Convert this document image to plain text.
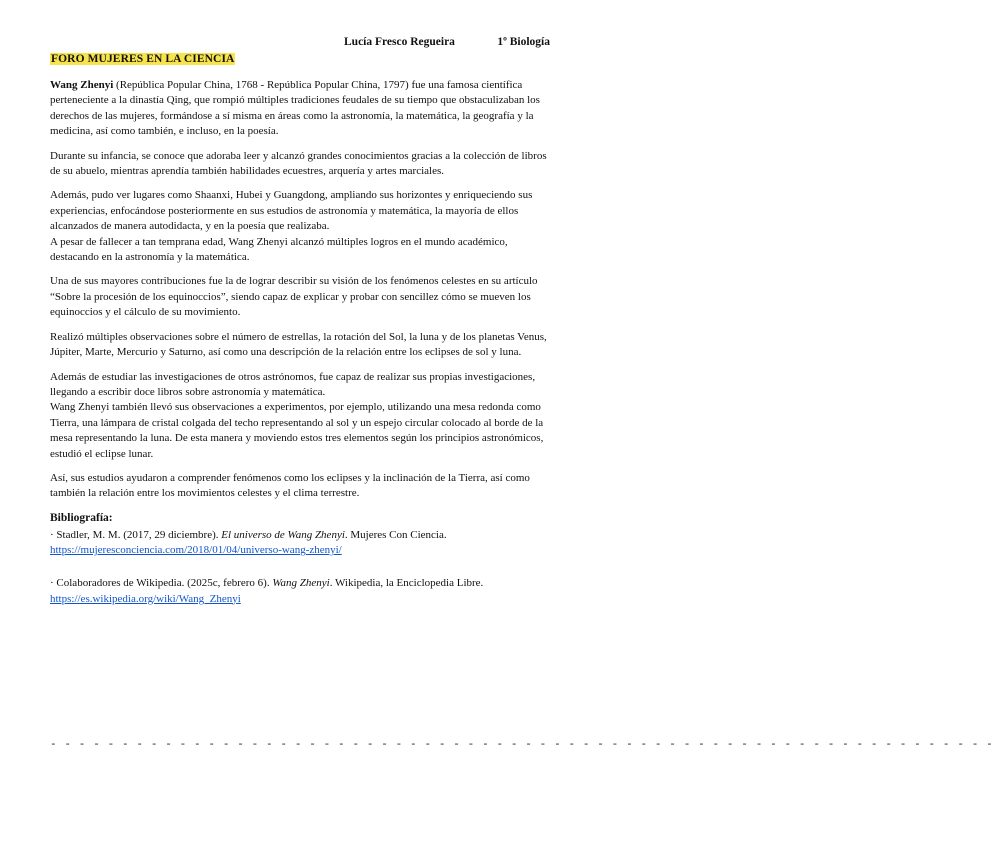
Lucía Fresco Regueira	1º Biología
FORO MUJERES EN LA CIENCIA

Wang Zhenyi (República Popular China, 1768 - República Popular China, 1797) fue una famosa científica perteneciente a la dinastía Qing, que rompió múltiples tradiciones feudales de su tiempo que obstaculizaban los derechos de las mujeres, formándose a sí misma en áreas como la astronomía, la matemática, la geografía y la medicina, así como también, e incluso, en la poesía.

Durante su infancia, se conoce que adoraba leer y alcanzó grandes conocimientos gracias a la colección de libros de su abuelo, mientras aprendía también habilidades ecuestres, arquería y artes marciales.

Además, pudo ver lugares como Shaanxi, Hubei y Guangdong, ampliando sus horizontes y enriqueciendo sus experiencias, enfocándose posteriormente en sus estudios de astronomía y matemática, la mayoría de ellos alcanzados de manera autodidacta, y en la poesía que realizaba.
A pesar de fallecer a tan temprana edad, Wang Zhenyi alcanzó múltiples logros en el mundo académico, destacando en la astronomía y la matemática.

Una de sus mayores contribuciones fue la de lograr describir su visión de los fenómenos celestes en su artículo “Sobre la procesión de los equinoccios”, siendo capaz de explicar y probar con sencillez cómo se mueven los equinoccios y el cálculo de su movimiento.

Realizó múltiples observaciones sobre el número de estrellas, la rotación del Sol, la luna y de los planetas Venus, Júpiter, Marte, Mercurio y Saturno, así como una descripción de la relación entre los eclipses de sol y luna.

Además de estudiar las investigaciones de otros astrónomos, fue capaz de realizar sus propias investigaciones, llegando a escribir doce libros sobre astronomía y matemática.
Wang Zhenyi también llevó sus observaciones a experimentos, por ejemplo, utilizando una mesa redonda como Tierra, una lámpara de cristal colgada del techo representando al sol y un espejo circular colocado al borde de la mesa representando la luna. De esta manera y moviendo estos tres elementos según los principios astronómicos, estudió el eclipse lunar.

Así, sus estudios ayudaron a comprender fenómenos como los eclipses y la inclinación de la Tierra, así como también la relación entre los movimientos celestes y el clima terrestre.

Bibliografía:
· Stadler, M. M. (2017, 29 diciembre). El universo de Wang Zhenyi. Mujeres Con Ciencia.
https://mujeresconciencia.com/2018/01/04/universo-wang-zhenyi/
· Colaboradores de Wikipedia. (2025c, febrero 6). Wang Zhenyi. Wikipedia, la Enciclopedia Libre.
https://es.wikipedia.org/wiki/Wang_Zhenyi
- - - - - - - - - - - - - - - - - - - - - - - - - - - - - - - - - - - - - - - - - - - - - - - - - - - - - - - - - - - - - - - - - -
